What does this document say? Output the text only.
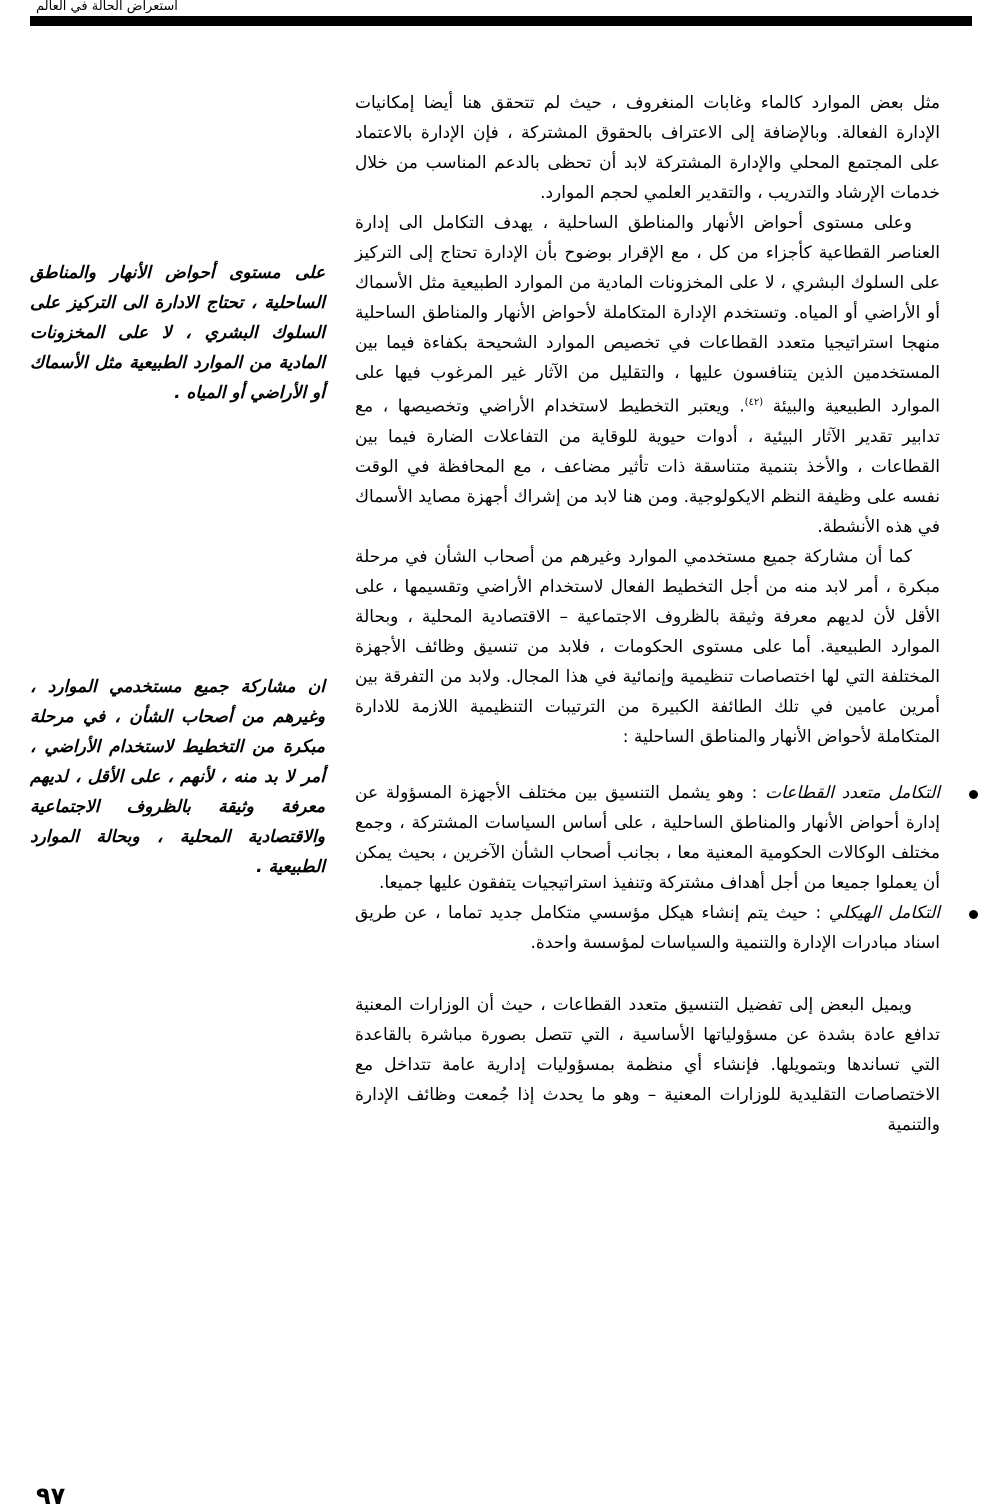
استعراض الحالة في العالم

مثل بعض الموارد كالماء وغابات المنغروف ، حيث لم تتحقق هنا أيضا إمكانيات الإدارة الفعالة. وبالإضافة إلى الاعتراف بالحقوق المشتركة ، فإن الإدارة بالاعتماد على المجتمع المحلي والإدارة المشتركة لابد أن تحظى بالدعم المناسب من خلال خدمات الإرشاد والتدريب ، والتقدير العلمي لحجم الموارد.

وعلى مستوى أحواض الأنهار والمناطق الساحلية ، يهدف التكامل الى إدارة العناصر القطاعية كأجزاء من كل ، مع الإقرار بوضوح بأن الإدارة تحتاج إلى التركيز على السلوك البشري ، لا على المخزونات المادية من الموارد الطبيعية مثل الأسماك أو الأراضي أو المياه. وتستخدم الإدارة المتكاملة لأحواض الأنهار والمناطق الساحلية منهجا استراتيجيا متعدد القطاعات في تخصيص الموارد الشحيحة بكفاءة فيما بين المستخدمين الذين يتنافسون عليها ، والتقليل من الآثار غير المرغوب فيها على الموارد الطبيعية والبيئة $^{(٤٢)}$. ويعتبر التخطيط لاستخدام الأراضي وتخصيصها ، مع تدابير تقدير الآثار البيئية ، أدوات حيوية للوقاية من التفاعلات الضارة فيما بين القطاعات ، والأخذ بتنمية متناسقة ذات تأثير مضاعف ، مع المحافظة في الوقت نفسه على وظيفة النظم الايكولوجية. ومن هنا لابد من إشراك أجهزة مصايد الأسماك في هذه الأنشطة.

كما أن مشاركة جميع مستخدمي الموارد وغيرهم من أصحاب الشأن في مرحلة مبكرة ، أمر لابد منه من أجل التخطيط الفعال لاستخدام الأراضي وتقسيمها ، على الأقل لأن لديهم معرفة وثيقة بالظروف الاجتماعية – الاقتصادية المحلية ، وبحالة الموارد الطبيعية. أما على مستوى الحكومات ، فلابد من تنسيق وظائف الأجهزة المختلفة التي لها اختصاصات تنظيمية وإنمائية في هذا المجال. ولابد من التفرقة بين أمرين عامين في تلك الطائفة الكبيرة من الترتيبات التنظيمية اللازمة للادارة المتكاملة لأحواض الأنهار والمناطق الساحلية :

التكامل متعدد القطاعات : وهو يشمل التنسيق بين مختلف الأجهزة المسؤولة عن إدارة أحواض الأنهار والمناطق الساحلية ، على أساس السياسات المشتركة ، وجمع مختلف الوكالات الحكومية المعنية معا ، بجانب أصحاب الشأن الآخرين ، بحيث يمكن أن يعملوا جميعا من أجل أهداف مشتركة وتنفيذ استراتيجيات يتفقون عليها جميعا.
التكامل الهيكلي : حيث يتم إنشاء هيكل مؤسسي متكامل جديد تماما ، عن طريق اسناد مبادرات الإدارة والتنمية والسياسات لمؤسسة واحدة.

ويميل البعض إلى تفضيل التنسيق متعدد القطاعات ، حيث أن الوزارات المعنية تدافع عادة بشدة عن مسؤولياتها الأساسية ، التي تتصل بصورة مباشرة بالقاعدة التي تساندها وبتمويلها. فإنشاء أي منظمة بمسؤوليات إدارية عامة تتداخل مع الاختصاصات التقليدية للوزارات المعنية – وهو ما يحدث إذا جُمعت وظائف الإدارة والتنمية

على مستوى أحواض الأنهار والمناطق الساحلية ، تحتاج الادارة الى التركيز على السلوك البشري ، لا على المخزونات المادية من الموارد الطبيعية مثل الأسماك أو الأراضي أو المياه .
ان مشاركة جميع مستخدمي الموارد ، وغيرهم من أصحاب الشأن ، في مرحلة مبكرة من التخطيط لاستخدام الأراضي ، أمر لا بد منه ، لأنهم ، على الأقل ، لديهم معرفة وثيقة بالظروف الاجتماعية والاقتصادية المحلية ، وبحالة الموارد الطبيعية .
٩٧
